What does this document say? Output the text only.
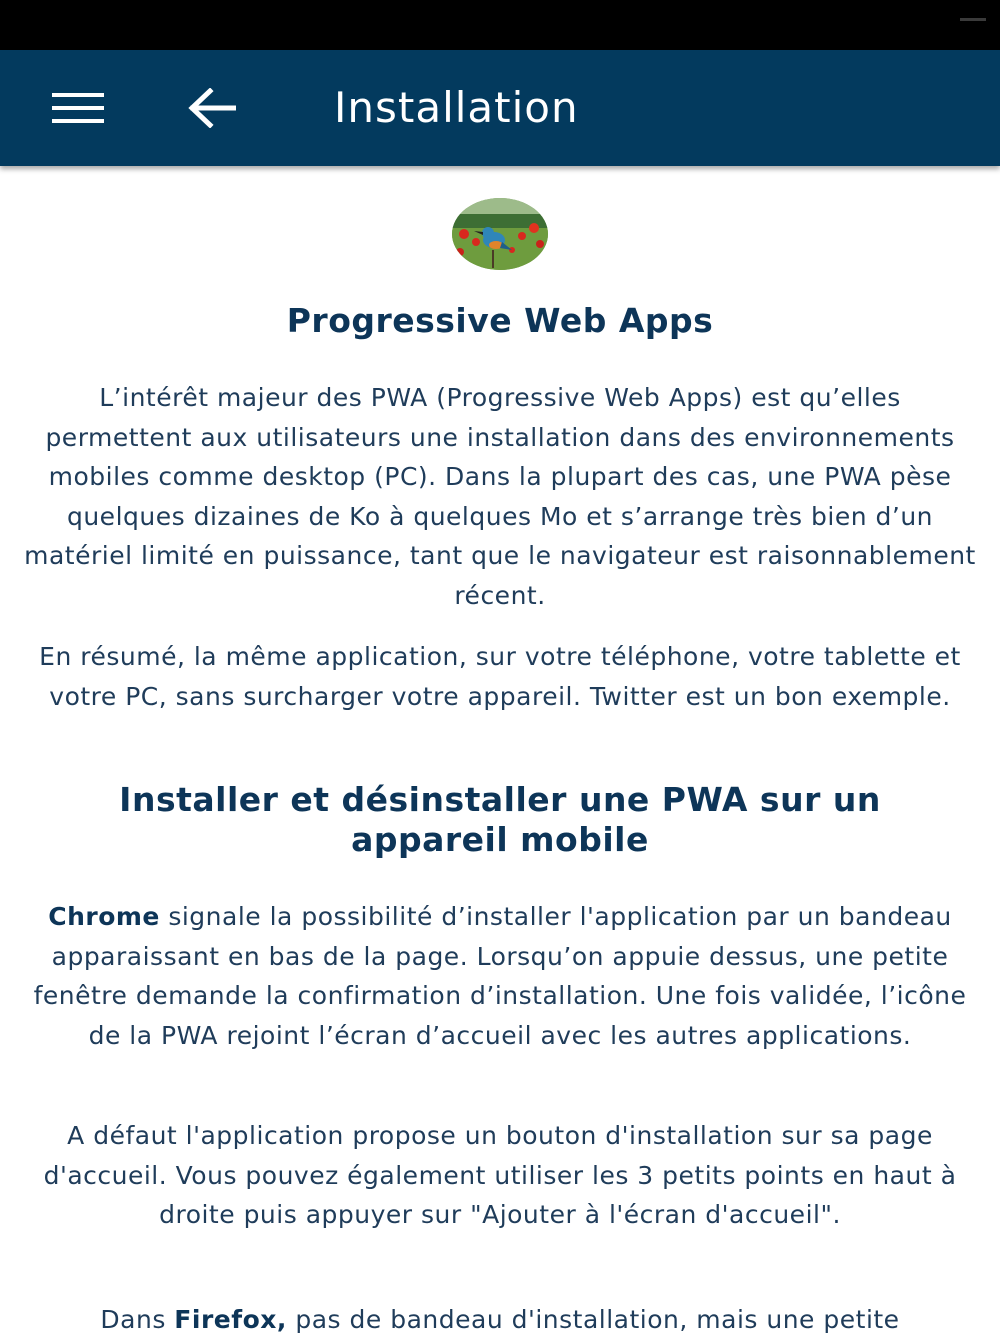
Installation
Progressive Web Apps

L’intérêt majeur des PWA (Progressive Web Apps) est qu’elles permettent aux utilisateurs une installation dans des environnements mobiles comme desktop (PC). Dans la plupart des cas, une PWA pèse quelques dizaines de Ko à quelques Mo et s’arrange très bien d’un matériel limité en puissance, tant que le navigateur est raisonnablement récent.

En résumé, la même application, sur votre téléphone, votre tablette et votre PC, sans surcharger votre appareil. Twitter est un bon exemple.

Installer et désinstaller une PWA sur un appareil mobile

Chrome signale la possibilité d’installer l'application par un bandeau apparaissant en bas de la page. Lorsqu’on appuie dessus, une petite fenêtre demande la confirmation d’installation. Une fois validée, l’icône de la PWA rejoint l’écran d’accueil avec les autres applications.

A défaut l'application propose un bouton d'installation sur sa page d'accueil. Vous pouvez également utiliser les 3 petits points en haut à droite puis appuyer sur "Ajouter à l'écran d'accueil".

Dans Firefox, pas de bandeau d'installation, mais une petite
